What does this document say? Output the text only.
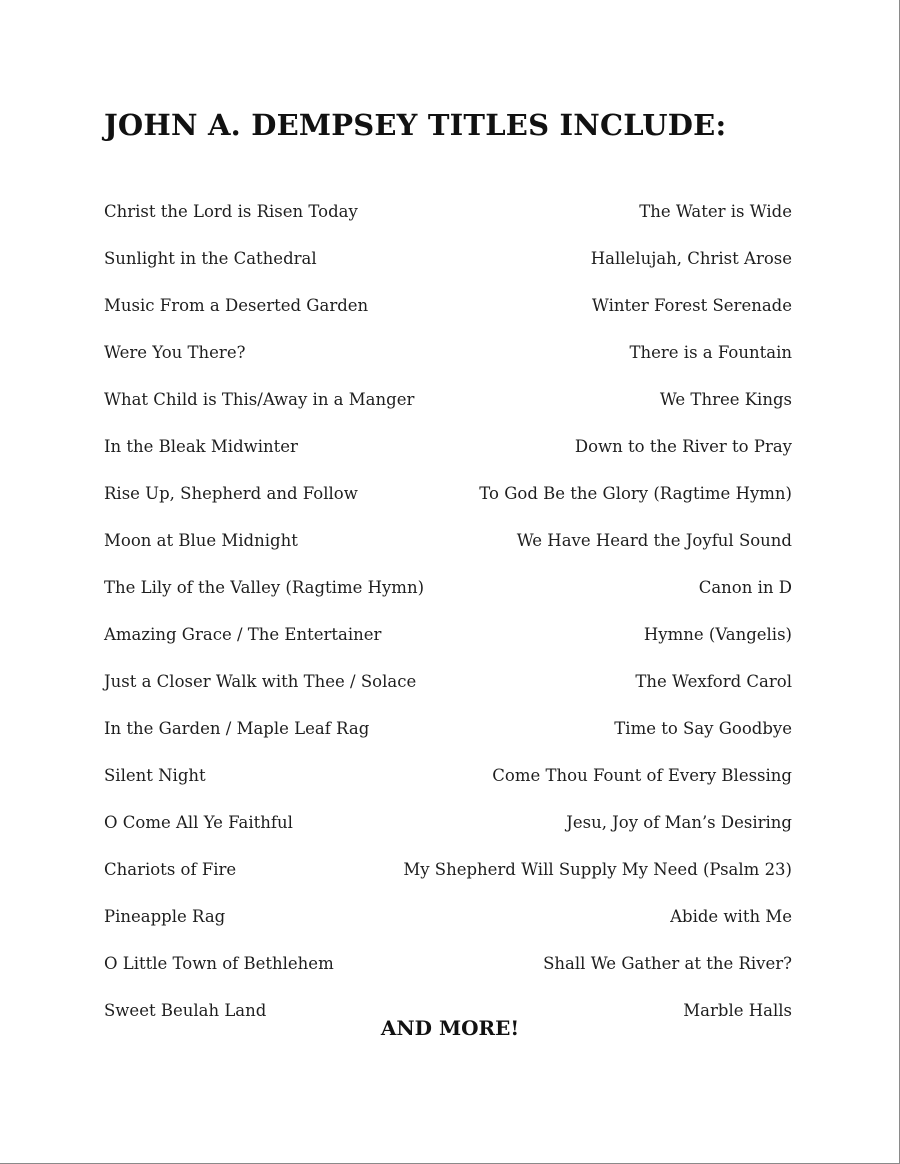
JOHN A. DEMPSEY TITLES INCLUDE:
Christ the Lord is Risen Today	The Water is Wide
Sunlight in the Cathedral	Hallelujah, Christ Arose
Music From a Deserted Garden	Winter Forest Serenade
Were You There?	There is a Fountain
What Child is This/Away in a Manger	We Three Kings
In the Bleak Midwinter	Down to the River to Pray
Rise Up, Shepherd and Follow	To God Be the Glory (Ragtime Hymn)
Moon at Blue Midnight	We Have Heard the Joyful Sound
The Lily of the Valley (Ragtime Hymn)	Canon in D
Amazing Grace / The Entertainer	Hymne (Vangelis)
Just a Closer Walk with Thee / Solace	The Wexford Carol
In the Garden / Maple Leaf Rag	Time to Say Goodbye
Silent Night	Come Thou Fount of Every Blessing
O Come All Ye Faithful	Jesu, Joy of Man’s Desiring
Chariots of Fire	My Shepherd Will Supply My Need (Psalm 23)
Pineapple Rag	Abide with Me
O Little Town of Bethlehem	Shall We Gather at the River?
Sweet Beulah Land	Marble Halls

AND MORE!
